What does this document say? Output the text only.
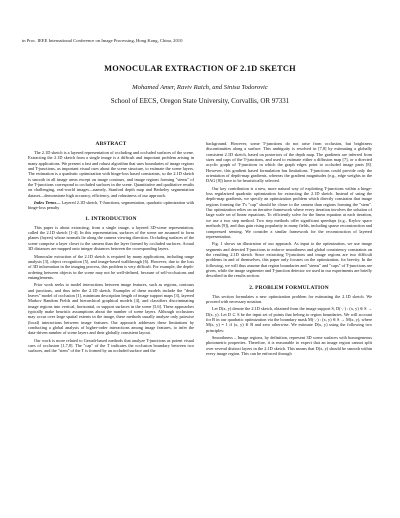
in Proc. IEEE International Conference on Image Processing, Hong Kong, China, 2010
MONOCULAR EXTRACTION OF 2.1D SKETCH
Mohamed Amer, Raviv Raich, and Sinisa Todorovic
School of EECS, Oregon State University, Corvallis, OR 97331
ABSTRACT

The 2.1D sketch is a layered representation of occluding and occluded surfaces of the scene. Extracting the 2.1D sketch from a single image is a difficult and important problem arising in many applications. We present a fast and robust algorithm that uses boundaries of image regions and T-junctions, as important visual cues about the scene structure, to estimate the scene layers. The estimation is a quadratic optimization with hinge-loss based constraints, so the 2.1D sketch is smooth in all image areas except on image contours, and image regions forming "stems" of the T-junctions correspond to occluded surfaces in the scene. Quantitative and qualitative results on challenging, real-world images—namely, Stanford depth map and Berkeley segmentation dataset—demonstrate high accuracy, efficiency, and robustness of our approach.

Index Terms— Layered 2.1D sketch, T-Junctions, segmentation, quadratic optimization with hinge-loss penalty

1. INTRODUCTION

This paper is about extracting, from a single image, a layered 3D-scene representation, called the 2.1D sketch [1-4]. In this representation, surfaces of the scene are assumed to form planes (layers) whose normals lie along the camera viewing direction. Occluding surfaces of the scene comprise a layer closer to the camera than the layer formed by occluded surfaces. Actual 3D distances are mapped onto integer distances between the corresponding layers.

Monocular extraction of the 2.1D sketch is required by many applications, including range analysis [3], object recognition [5], and image-based wallthrough [6]. However, due to the loss of 3D information in the imaging process, this problem is very difficult. For example, the depth-ordering between objects in the scene may not be well-defined, because of self-occlusions and entanglements.

Prior work seeks to model interactions between image features, such as regions, contours and junctions, and thus infer the 2.1D sketch. Examples of these models include the "dead leaves" model of occlusion [1], minimum description length of image support maps [3], layered Markov Random Fields and hierarchical graphical models [4], and classifiers discriminating image regions into vertical, horizontal, or support surfaces in the scene [5,6]. These approaches typically make heuristic assumptions about the number of scene layers. Although occlusions may occur over large spatial extents in the image, these methods usually analyze only pairwise (local) interactions between image features. Our approach addresses these limitations by conducting a global analysis of higher-order interactions among image features, to infer the data-driven number of scene layers and their globally consistent layout.

Our work is more related to Gestalt-based methods that analyze T-junctions as potent visual cues of occlusion [1,7,8]. The "cap" of the T indicates the occlusion boundary between two surfaces, and the "stem" of the T is formed by an occluded surface and the

background. However, some T-junctions do not arise from occlusion, but brightness discontinuities along a surface. This ambiguity is resolved in [7,8] by estimating a globally consistent 2.1D sketch, based on posteriors of the depth map. The gradients are inferred from sizes and caps of the T-junctions, and used to estimate either a diffusion map [7], or a directed acyclic graph of T-junctions in which the graph edges point to occluded image parts [8]. However, this gradient based formulation has limitations. T-junctions could provide only the orientation of depth-map gradients, whereas the gradient magnitudes (e.g., edge weights in the DAG [8]) have to be heuristically selected.

Our key contribution is a new, more natural way of exploiting T-junctions within a hinge-loss regularized quadratic optimization for extracting the 2.1D sketch. Instead of using the depth-map gradients, we specify an optimization problem which directly constrains that image regions forming the T's "cap" should be closer to the camera than regions forming the "stem". Our optimization relies on an iterative framework where every iteration involves the solution of large scale set of linear equations. To efficiently solve for the linear equation at each iteration, we use a two step method. Two step methods offer significant speedups (e.g., Krylov space methods [9]), and thus gain rising popularity in many fields, including sparse reconstruction and compressed sensing. We consider a similar framework for the reconstruction of layered representation.

Fig. 1 shows an illustration of our approach. As input to the optimization, we use image segments and detected T-junctions to enforce smoothness and global consistency constraints on the resulting 2.1D sketch. Since extracting T-junctions and image regions are two difficult problems in and of themselves, this paper only focuses on the optimization, for brevity. In the following, we will thus assume that region boundaries and "stems" and "caps" of T-junctions are given, while the image segmenter and T-junction detector we used in our experiments are briefly described in the results section.

2. PROBLEM FORMULATION

This section formulates a new optimization problem for estimating the 2.1D sketch. We proceed with necessary notation.

Let D(x, y) denote the 2.1D sketch, obtained from the image support S, D(·,·) : (x, y) ∈ S → D(x, y). Let D ⊂ S be the input set of points that belong to region boundaries. We will account for B in our quadratic optimization via the boundary mask M(·,·) : (x, y) ∈ S → M(x, y), where M(x, y) = 1 if (x, y) ∈ B and zero otherwise. We estimate D(x, y) using the following two principles:

Smoothness – Image regions, by definition, represent 3D scene surfaces with homogeneous photometric properties. Therefore, it is reasonable to expect that an image region cannot split over several distinct layers in the 2.1D sketch. This means that D(x, y) should be smooth within every image region. This can be enforced through
